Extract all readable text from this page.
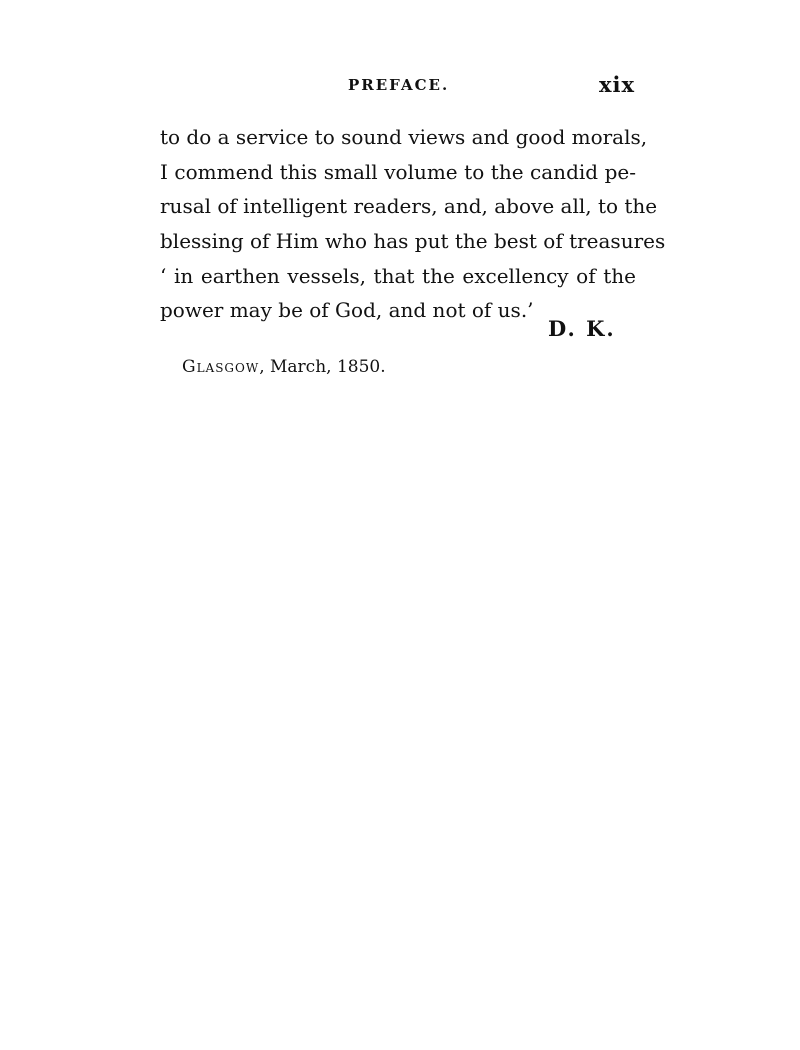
PREFACE.	xix
to do a service to sound views and good morals,
I commend this small volume to the candid pe-
rusal of intelligent readers, and, above all, to the
blessing of Him who has put the best of treasures
‘ in earthen vessels, that the excellency of the
power may be of God, and not of us.’
D. K.
Glasgow, March, 1850.
